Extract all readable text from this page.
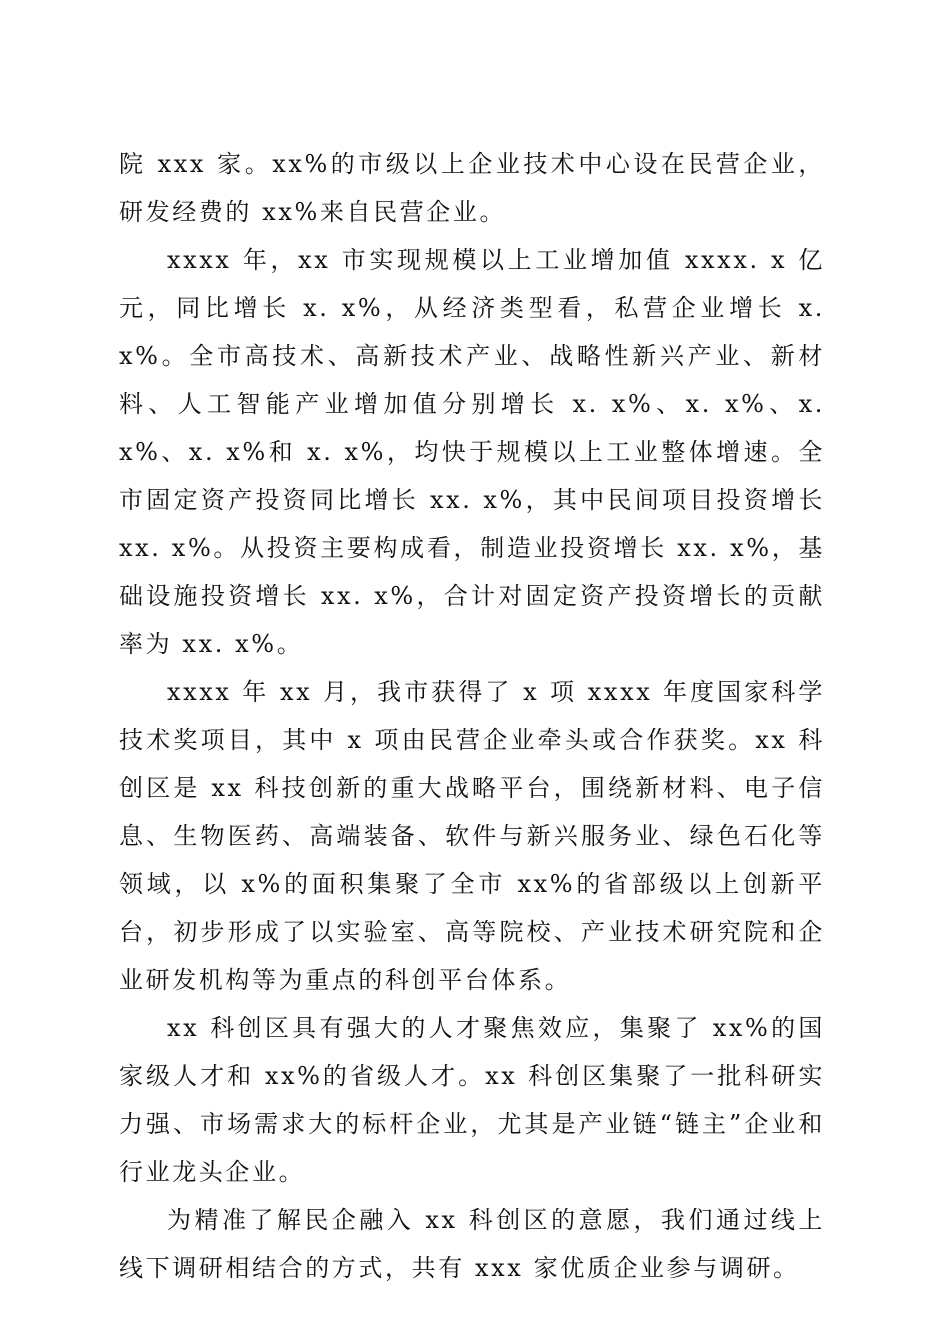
院 xxx 家。xx%的市级以上企业技术中心设在民营企业，研发经费的 xx%来自民营企业。

xxxx 年，xx 市实现规模以上工业增加值 xxxx. x 亿元，同比增长 x. x%，从经济类型看，私营企业增长 x. x%。全市高技术、高新技术产业、战略性新兴产业、新材料、人工智能产业增加值分别增长 x. x%、x. x%、x. x%、x. x%和 x. x%，均快于规模以上工业整体增速。全市固定资产投资同比增长 xx. x%，其中民间项目投资增长 xx. x%。从投资主要构成看，制造业投资增长 xx. x%，基础设施投资增长 xx. x%，合计对固定资产投资增长的贡献率为 xx. x%。

xxxx 年 xx 月，我市获得了 x 项 xxxx 年度国家科学技术奖项目，其中 x 项由民营企业牵头或合作获奖。xx 科创区是 xx 科技创新的重大战略平台，围绕新材料、电子信息、生物医药、高端装备、软件与新兴服务业、绿色石化等领域，以 x%的面积集聚了全市 xx%的省部级以上创新平台，初步形成了以实验室、高等院校、产业技术研究院和企业研发机构等为重点的科创平台体系。

xx 科创区具有强大的人才聚焦效应，集聚了 xx%的国家级人才和 xx%的省级人才。xx 科创区集聚了一批科研实力强、市场需求大的标杆企业，尤其是产业链“链主”企业和行业龙头企业。

为精准了解民企融入 xx 科创区的意愿，我们通过线上线下调研相结合的方式，共有 xxx 家优质企业参与调研。
